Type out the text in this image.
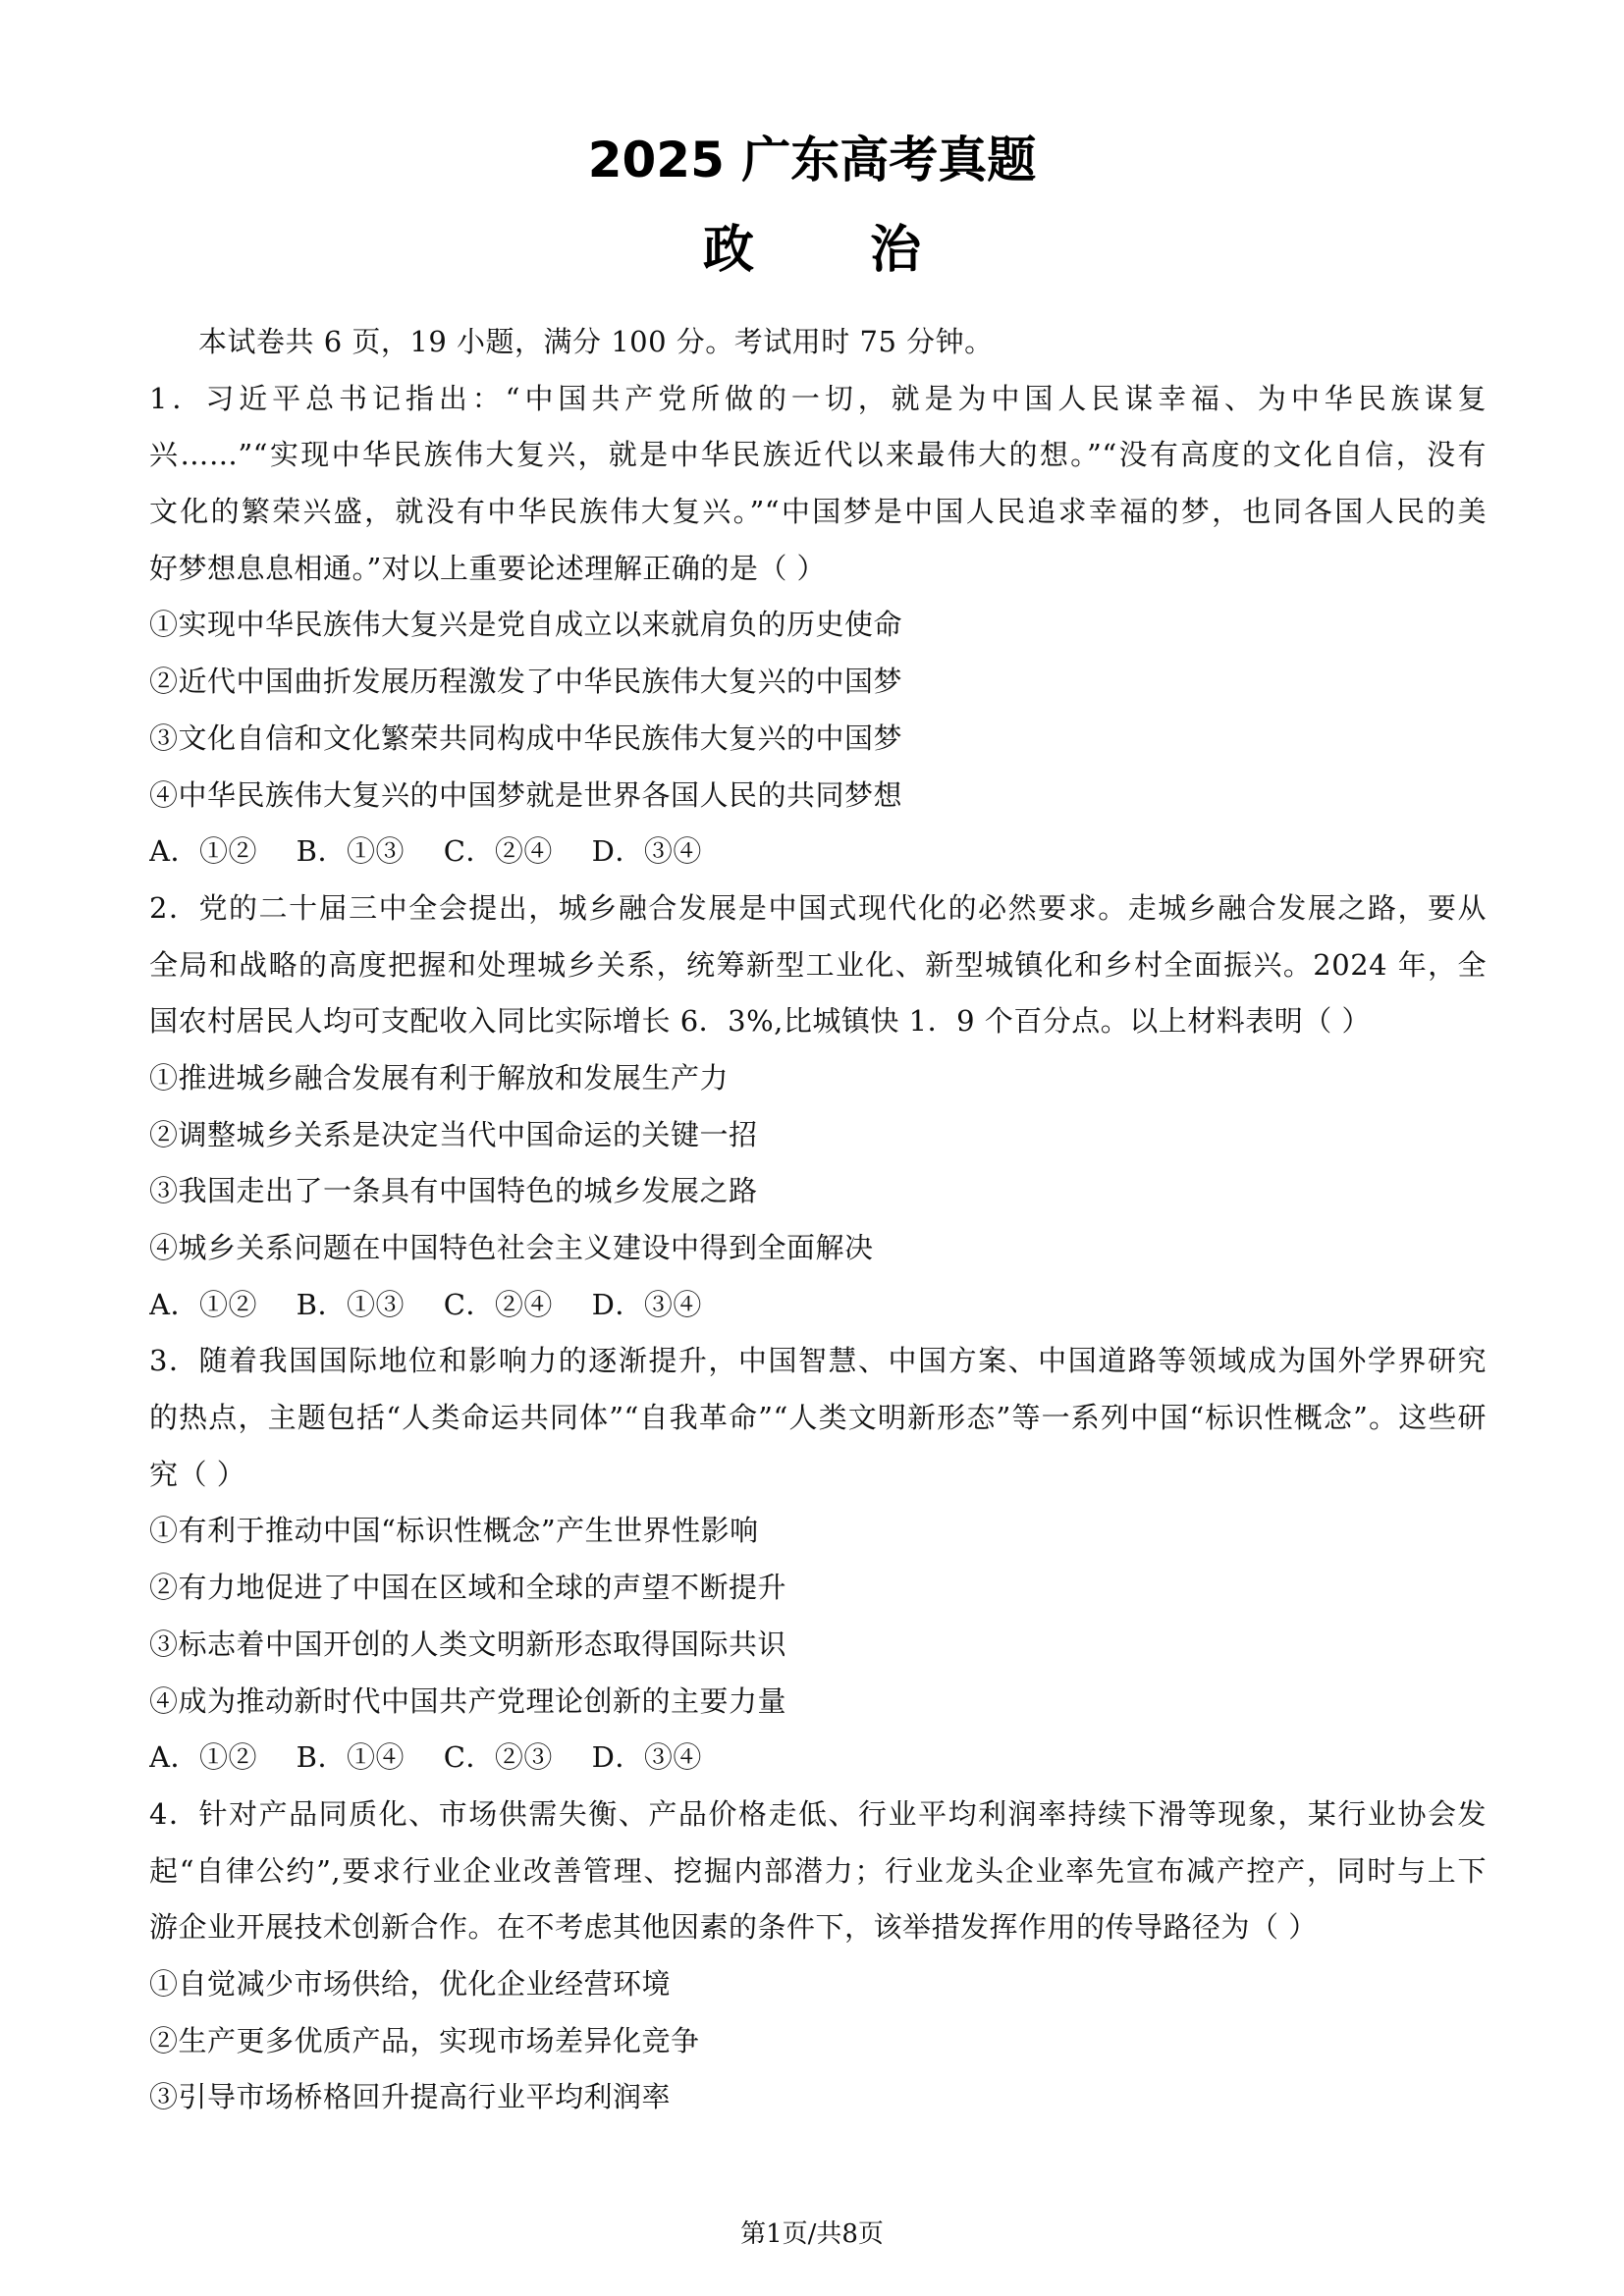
2025 广东高考真题
政治
本试卷共 6 页，19 小题，满分 100 分。考试用时 75 分钟。
1．习近平总书记指出：“中国共产党所做的一切，就是为中国人民谋幸福、为中华民族谋复
兴……”“实现中华民族伟大复兴，就是中华民族近代以来最伟大的想。”“没有高度的文化自信，没有
文化的繁荣兴盛，就没有中华民族伟大复兴。”“中国梦是中国人民追求幸福的梦，也同各国人民的美
好梦想息息相通。”对以上重要论述理解正确的是（ ）
①实现中华民族伟大复兴是党自成立以来就肩负的历史使命
②近代中国曲折发展历程激发了中华民族伟大复兴的中国梦
③文化自信和文化繁荣共同构成中华民族伟大复兴的中国梦
④中华民族伟大复兴的中国梦就是世界各国人民的共同梦想
A．①② B．①③ C．②④ D．③④
2．党的二十届三中全会提出，城乡融合发展是中国式现代化的必然要求。走城乡融合发展之路，要从
全局和战略的高度把握和处理城乡关系，统筹新型工业化、新型城镇化和乡村全面振兴。2024 年，全
国农村居民人均可支配收入同比实际增长 6．3%,比城镇快 1．9 个百分点。以上材料表明（ ）
①推进城乡融合发展有利于解放和发展生产力
②调整城乡关系是决定当代中国命运的关键一招
③我国走出了一条具有中国特色的城乡发展之路
④城乡关系问题在中国特色社会主义建设中得到全面解决
A．①② B．①③ C．②④ D．③④
3．随着我国国际地位和影响力的逐渐提升，中国智慧、中国方案、中国道路等领域成为国外学界研究
的热点，主题包括“人类命运共同体”“自我革命”“人类文明新形态”等一系列中国“标识性概念”。这些研
究（ ）
①有利于推动中国“标识性概念”产生世界性影响
②有力地促进了中国在区域和全球的声望不断提升
③标志着中国开创的人类文明新形态取得国际共识
④成为推动新时代中国共产党理论创新的主要力量
A．①② B．①④ C．②③ D．③④
4．针对产品同质化、市场供需失衡、产品价格走低、行业平均利润率持续下滑等现象，某行业协会发
起“自律公约”,要求行业企业改善管理、挖掘内部潜力；行业龙头企业率先宣布减产控产，同时与上下
游企业开展技术创新合作。在不考虑其他因素的条件下，该举措发挥作用的传导路径为（ ）
①自觉减少市场供给，优化企业经营环境
②生产更多优质产品，实现市场差异化竞争
③引导市场桥格回升提高行业平均利润率
第1页/共8页
